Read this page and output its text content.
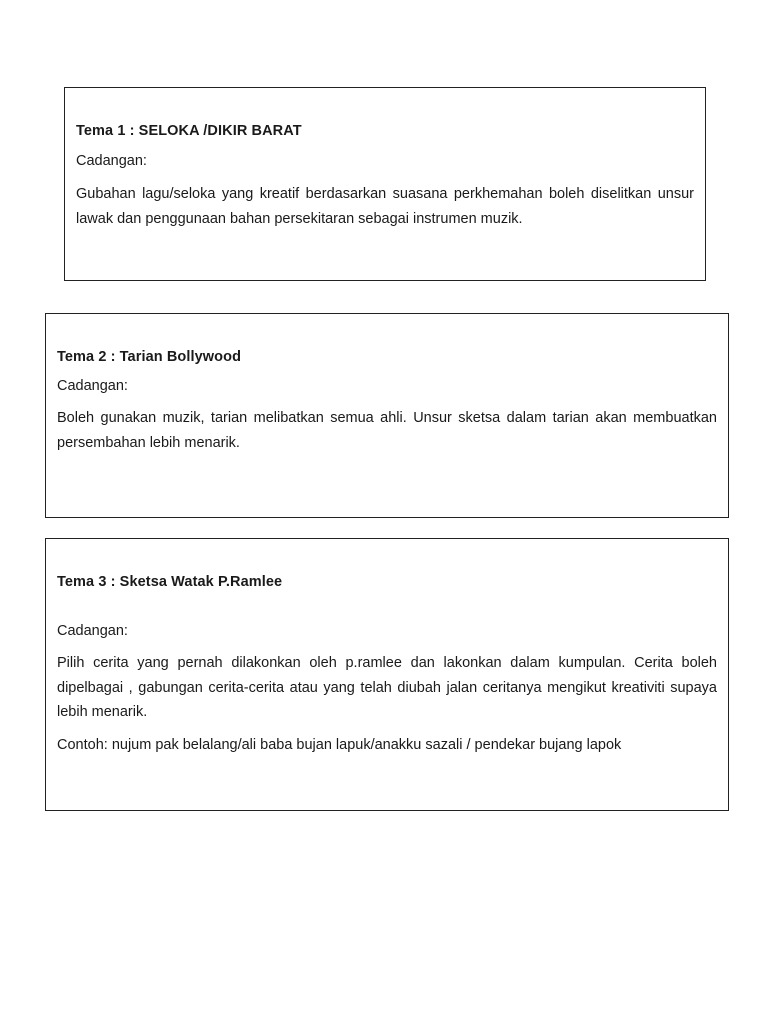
Tema 1 : SELOKA /DIKIR BARAT

Cadangan:

Gubahan lagu/seloka yang kreatif berdasarkan suasana perkhemahan boleh diselitkan unsur lawak dan penggunaan bahan persekitaran sebagai instrumen muzik.

Tema 2 : Tarian Bollywood

Cadangan:

Boleh gunakan muzik, tarian melibatkan semua ahli. Unsur sketsa dalam tarian akan membuatkan persembahan lebih menarik.

Tema 3 : Sketsa Watak P.Ramlee

Cadangan:

Pilih cerita yang pernah dilakonkan oleh p.ramlee dan lakonkan dalam kumpulan. Cerita boleh dipelbagai , gabungan cerita-cerita atau yang telah diubah jalan ceritanya mengikut kreativiti supaya lebih menarik.

Contoh: nujum pak belalang/ali baba bujan lapuk/anakku sazali / pendekar bujang lapok
